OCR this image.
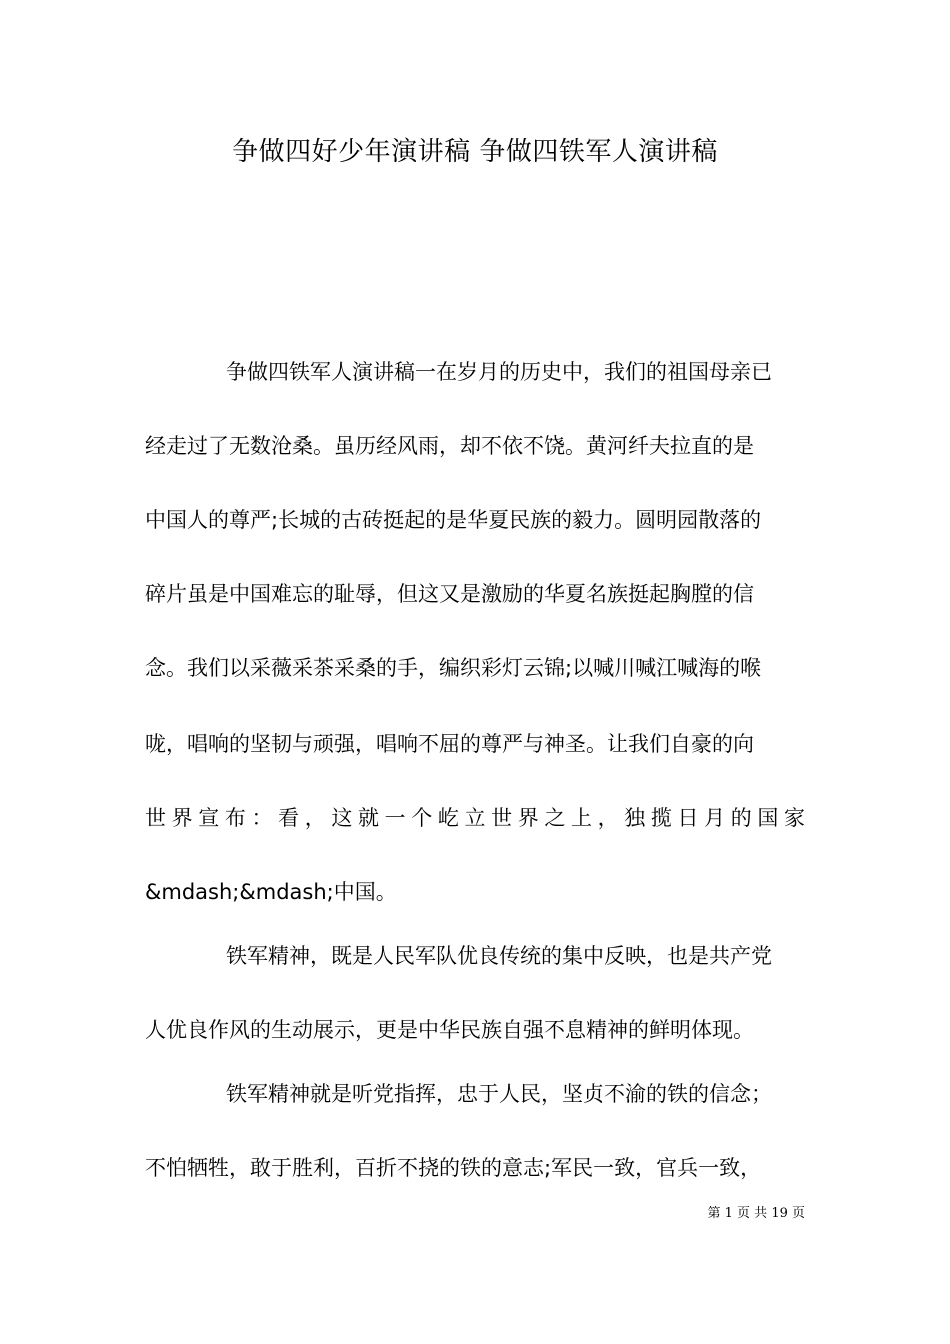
争做四好少年演讲稿 争做四铁军人演讲稿
争做四铁军人演讲稿一在岁月的历史中，我们的祖国母亲已
经走过了无数沧桑。虽历经风雨，却不依不饶。黄河纤夫拉直的是
中国人的尊严;长城的古砖挺起的是华夏民族的毅力。圆明园散落的
碎片虽是中国难忘的耻辱，但这又是激励的华夏名族挺起胸膛的信
念。我们以采薇采茶采桑的手，编织彩灯云锦;以喊川喊江喊海的喉
咙，唱响的坚韧与顽强，唱响不屈的尊严与神圣。让我们自豪的向
世界宣布：看，这就一个屹立世界之上，独揽日月的国家
&mdash;&mdash;中国。
铁军精神，既是人民军队优良传统的集中反映，也是共产党
人优良作风的生动展示，更是中华民族自强不息精神的鲜明体现。
铁军精神就是听党指挥，忠于人民，坚贞不渝的铁的信念；
不怕牺牲，敢于胜利，百折不挠的铁的意志;军民一致，官兵一致，
第 1 页 共 19 页
